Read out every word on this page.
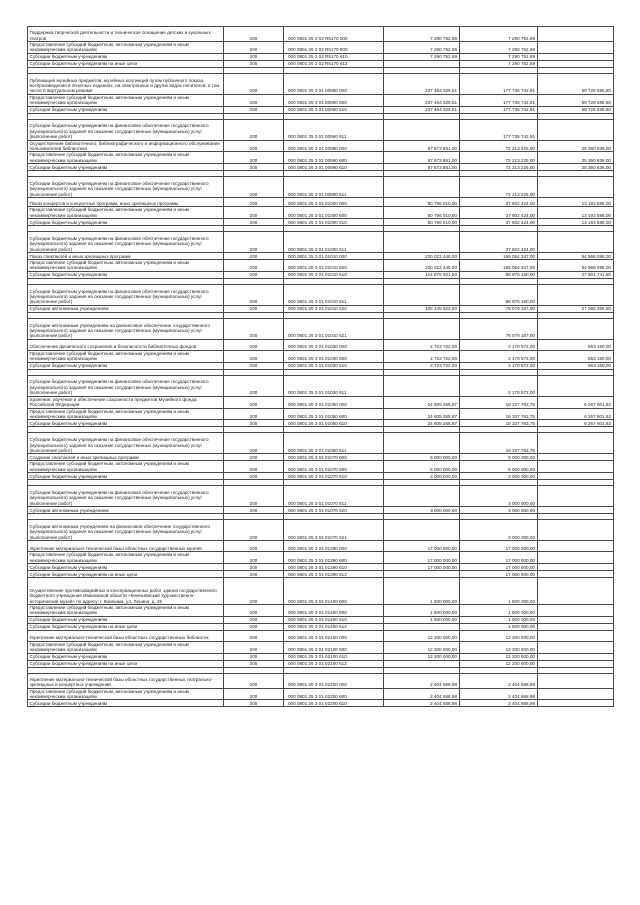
Поддержка творческой деятельности и техническое оснащение детских и кукольных театров	200	000 0801 25 2 02 R5170 000	7 290 752,69	7 290 752,69	
Предоставление субсидий бюджетным, автономным учреждениям и иным некоммерческим организациям	200	000 0801 25 2 02 R5170 600	7 290 752,69	7 290 752,69	
Субсидии бюджетным учреждениям	200	000 0801 25 2 02 R5170 610	7 290 752,69	7 290 752,69	
Субсидии бюджетным учреждениям на иные цели	200	000 0801 25 2 02 R5170 612		7 290 752,69	

Публикация музейных предметов, музейных коллекций путем публичного показа, воспроизведения в печатных изданиях, на электронных и других видах носителей, в том числе в виртуальном режиме	200	000 0801 25 3 01 00960 000	237 464 329,51	177 735 742,91	59 728 586,60
Предоставление субсидий бюджетным, автономным учреждениям и иным некоммерческим организациям	200	000 0801 25 3 01 00960 600	237 464 329,51	177 735 742,91	59 728 586,60
Субсидии бюджетным учреждениям	200	000 0801 25 3 01 00960 610	237 464 329,51	177 735 742,91	59 728 586,60

Субсидии бюджетным учреждениям на финансовое обеспечение государственного (муниципального) задания на оказание государственных (муниципальных) услуг (выполнение работ)	200	000 0801 25 3 01 00960 611		177 735 742,91	
Осуществление библиотечного, библиографического и информационного обслуживания пользователей библиотеки	200	000 0801 25 3 01 00990 000	97 573 861,00	72 213 225,00	25 360 636,00
Предоставление субсидий бюджетным, автономным учреждениям и иным некоммерческим организациям	200	000 0801 25 3 01 00990 600	97 573 861,00	72 213 225,00	25 360 636,00
Субсидии бюджетным учреждениям	200	000 0801 25 3 01 00990 610	97 573 861,00	72 213 225,00	25 360 636,00

Субсидии бюджетным учреждениям на финансовое обеспечение государственного (муниципального) задания на оказание государственных (муниципальных) услуг (выполнение работ)	200	000 0801 25 3 01 00990 611		72 213 225,00	
Показ концертов и концертных программ, иных зрелищных программ	200	000 0801 25 3 01 01000 000	50 796 010,00	37 602 424,00	13 193 586,00
Предоставление субсидий бюджетным, автономным учреждениям и иным некоммерческим организациям	200	000 0801 25 3 01 01000 600	50 796 010,00	37 602 424,00	13 193 586,00
Субсидии бюджетным учреждениям	200	000 0801 25 3 01 01000 610	50 796 010,00	37 602 424,00	13 193 586,00

Субсидии бюджетным учреждениям на финансовое обеспечение государственного (муниципального) задания на оказание государственных (муниципальных) услуг (выполнение работ)	200	000 0801 25 3 01 01000 611		37 602 424,00	
Показ спектаклей и иных зрелищных программ	200	000 0801 25 3 01 01010 000	220 022 445,00	165 054 347,00	54 968 098,00
Предоставление субсидий бюджетным, автономным учреждениям и иным некоммерческим организациям	200	000 0801 25 3 01 01010 600	220 022 445,00	165 054 347,00	54 968 098,00
Субсидии бюджетным учреждениям	200	000 0801 25 3 01 01010 610	114 876 921,50	86 975 180,00	27 901 741,50

Субсидии бюджетным учреждениям на финансовое обеспечение государственного (муниципального) задания на оказание государственных (муниципальных) услуг (выполнение работ)	200	000 0801 25 3 01 01010 611		86 975 180,00	
Субсидии автономным учреждениям	200	000 0801 25 3 01 01010 620	105 145 523,50	78 079 167,00	27 066 356,50

Субсидии автономным учреждениям на финансовое обеспечение государственного (муниципального) задания на оказание государственных (муниципальных) услуг (выполнение работ)	200	000 0801 25 3 01 01010 621		78 079 167,00	
Обеспечение физического сохранения и безопасности библиотечных фондов	200	000 0801 25 3 01 01030 000	2 723 722,00	2 170 572,00	553 150,00
Предоставление субсидий бюджетным, автономным учреждениям и иным некоммерческим организациям	200	000 0801 25 3 01 01030 600	2 723 722,00	2 170 572,00	553 150,00
Субсидии бюджетным учреждениям	200	000 0801 25 3 01 01030 610	2 723 722,00	2 170 572,00	553 150,00

Субсидии бюджетным учреждениям на финансовое обеспечение государственного (муниципального) задания на оказание государственных (муниципальных) услуг (выполнение работ)	200	000 0801 25 3 01 01030 611		2 170 572,00	
Хранение, изучение и обеспечение сохранности предметов Музейного фонда Российской Федерации	200	000 0801 25 3 01 01050 000	24 605 365,67	18 337 763,75	6 267 601,92
Предоставление субсидий бюджетным, автономным учреждениям и иным некоммерческим организациям	200	000 0801 25 3 01 01050 600	24 605 365,67	18 337 763,75	6 267 601,92
Субсидии бюджетным учреждениям	200	000 0801 25 3 01 01050 610	24 605 365,67	18 337 763,75	6 267 601,92

Субсидии бюджетным учреждениям на финансовое обеспечение государственного (муниципального) задания на оказание государственных (муниципальных) услуг (выполнение работ)	200	000 0801 25 3 01 01050 611		18 337 763,75	
Создание спектаклей и иных зрелищных программ	200	000 0801 25 3 01 01070 000	6 000 000,00	6 000 000,00	
Предоставление субсидий бюджетным, автономным учреждениям и иным некоммерческим организациям	200	000 0801 25 3 01 01070 600	6 000 000,00	6 000 000,00	
Субсидии бюджетным учреждениям	200	000 0801 25 3 01 01070 610	3 000 000,00	3 000 000,00	

Субсидии бюджетным учреждениям на финансовое обеспечение государственного (муниципального) задания на оказание государственных (муниципальных) услуг (выполнение работ)	200	000 0801 25 3 01 01070 611		3 000 000,00	
Субсидии автономным учреждениям	200	000 0801 25 3 01 01070 620	3 000 000,00	3 000 000,00	

Субсидии автономным учреждениям на финансовое обеспечение государственного (муниципального) задания на оказание государственных (муниципальных) услуг (выполнение работ)	200	000 0801 25 3 01 01070 621		3 000 000,00	
Укрепление материально-технической базы областных государственных музеев	200	000 0801 25 3 01 01390 000	17 000 000,00	17 000 000,00	
Предоставление субсидий бюджетным, автономным учреждениям и иным некоммерческим организациям	200	000 0801 25 3 01 01390 600	17 000 000,00	17 000 000,00	
Субсидии бюджетным учреждениям	200	000 0801 25 3 01 01390 610	17 000 000,00	17 000 000,00	
Субсидии бюджетным учреждениям на иные цели	200	000 0801 25 3 01 01390 612		17 000 000,00	
Осуществление противоаварийных и консервационных работ здания государственного бюджетного учреждения Ивановской области «Кинешемский художественно-исторический музей» по адресу: г. Кинешма, ул. Ленина, д. 25	200	000 0801 25 3 01 01400 000	1 500 000,00	1 500 000,00	
Предоставление субсидий бюджетным, автономным учреждениям и иным некоммерческим организациям	200	000 0801 25 3 01 01400 600	1 500 000,00	1 500 000,00	
Субсидии бюджетным учреждениям	200	000 0801 25 3 01 01400 610	1 500 000,00	1 500 000,00	
Субсидии бюджетным учреждениям на иные цели	200	000 0801 25 3 01 01400 612		1 500 000,00	
Укрепление материально-технической базы областных государственных библиотек	200	000 0801 25 3 01 02100 000	12 200 000,00	12 200 000,00	
Предоставление субсидий бюджетным, автономным учреждениям и иным некоммерческим организациям	200	000 0801 25 3 01 02100 600	12 200 000,00	12 200 000,00	
Субсидии бюджетным учреждениям	200	000 0801 25 3 01 02100 610	12 200 000,00	12 200 000,00	
Субсидии бюджетным учреждениям на иные цели	200	000 0801 25 3 01 02100 612		12 200 000,00	

Укрепление материально-технической базы областных государственных театрально-зрелищных и концертных учреждений	200	000 0801 25 3 01 02200 000	2 404 668,98	2 404 668,98	
Предоставление субсидий бюджетным, автономным учреждениям и иным некоммерческим организациям	200	000 0801 25 3 01 02200 600	2 404 668,98	2 404 668,98	
Субсидии бюджетным учреждениям	200	000 0801 25 3 01 02200 610	2 404 668,98	2 404 668,98	
